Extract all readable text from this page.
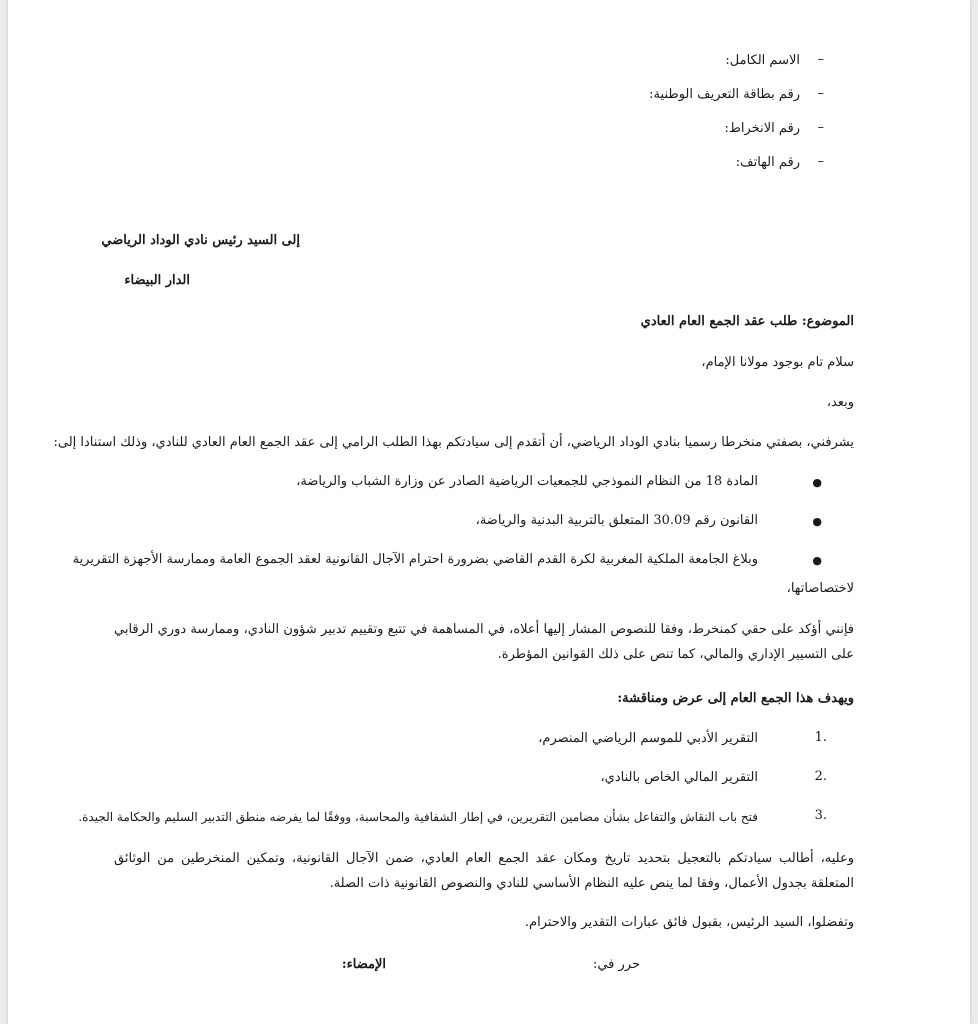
–
الاسم الكامل:
–
رقم بطاقة التعريف الوطنية:
–
رقم الانخراط:
–
رقم الهاتف:
إلى السيد رئيس نادي الوداد الرياضي
الدار البيضاء
الموضوع: طلب عقد الجمع العام العادي
سلام تام بوجود مولانا الإمام،
وبعد،
يشرفني، بصفتي منخرطا رسميا بنادي الوداد الرياضي، أن أتقدم إلى سيادتكم بهذا الطلب الرامي إلى عقد الجمع العام العادي للنادي، وذلك استنادا إلى:
●
المادة 18 من النظام النموذجي للجمعيات الرياضية الصادر عن وزارة الشباب والرياضة،
●
القانون رقم 30.09 المتعلق بالتربية البدنية والرياضة،
●
وبلاغ الجامعة الملكية المغربية لكرة القدم القاضي بضرورة احترام الآجال القانونية لعقد الجموع العامة وممارسة الأجهزة التقريرية
لاختصاصاتها،
فإنني أؤكد على حقي كمنخرط، وفقا للنصوص المشار إليها أعلاه، في المساهمة في تتبع وتقييم تدبير شؤون النادي، وممارسة دوري الرقابي على التسيير الإداري والمالي، كما تنص على ذلك القوانين المؤطرة.
ويهدف هذا الجمع العام إلى عرض ومناقشة:
1.
التقرير الأدبي للموسم الرياضي المنصرم،
2.
التقرير المالي الخاص بالنادي،
3.
فتح باب النقاش والتفاعل بشأن مضامين التقريرين، في إطار الشفافية والمحاسبة، ووفقًا لما يفرضه منطق التدبير السليم والحكامة الجيدة.
وعليه، أطالب سيادتكم بالتعجيل بتحديد تاريخ ومكان عقد الجمع العام العادي، ضمن الآجال القانونية، وتمكين المنخرطين من الوثائق المتعلقة بجدول الأعمال، وفقا لما ينص عليه النظام الأساسي للنادي والنصوص القانونية ذات الصلة.
وتفضلوا، السيد الرئيس، بقبول فائق عبارات التقدير والاحترام.
حرر في:
الإمضاء:
